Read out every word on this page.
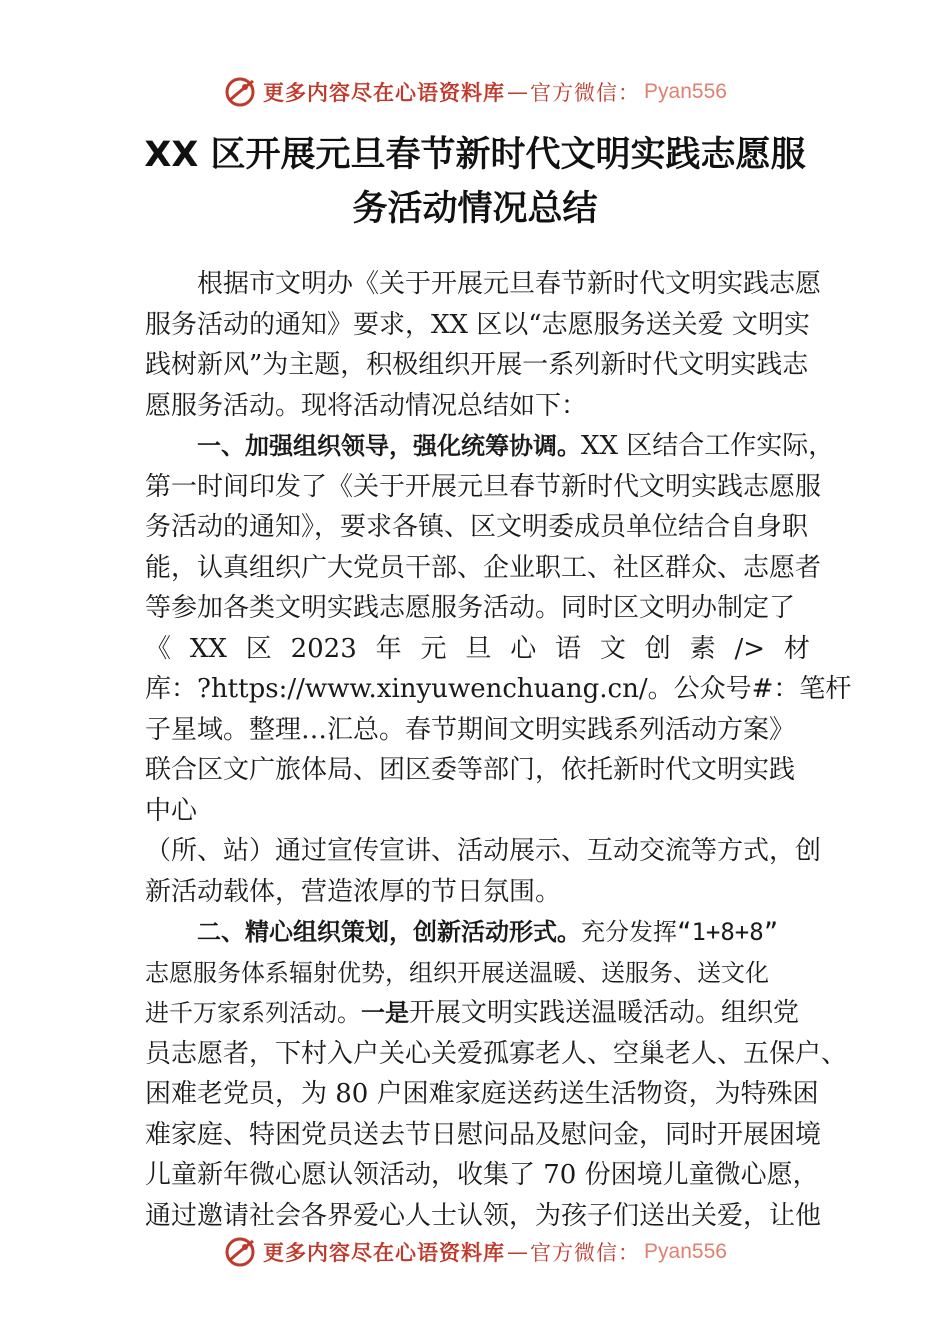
更多内容尽在心语资料库 — 官方微信： Pyan556
XX 区开展元旦春节新时代文明实践志愿服
务活动情况总结
根据市文明办《关于开展元旦春节新时代文明实践志愿
服务活动的通知》要求，XX 区以“志愿服务送关爱 文明实
践树新风”为主题，积极组织开展一系列新时代文明实践志
愿服务活动。现将活动情况总结如下：
一、加强组织领导，强化统筹协调。XX 区结合工作实际，
第一时间印发了《关于开展元旦春节新时代文明实践志愿服
务活动的通知》，要求各镇、区文明委成员单位结合自身职
能，认真组织广大党员干部、企业职工、社区群众、志愿者
等参加各类文明实践志愿服务活动。同时区文明办制定了
《 XX 区 2023 年 元 旦 心 语 文 创 素 /> 材
库：?https://www.xinyuwenchuang.cn/。公众号#：笔杆
子星域。整理…汇总。春节期间文明实践系列活动方案》
联合区文广旅体局、团区委等部门，依托新时代文明实践
中心
（所、站）通过宣传宣讲、活动展示、互动交流等方式，创
新活动载体，营造浓厚的节日氛围。
二、精心组织策划，创新活动形式。充分发挥“1+8+8”
志愿服务体系辐射优势，组织开展送温暖、送服务、送文化
进千万家系列活动。一是开展文明实践送温暖活动。组织党
员志愿者，下村入户关心关爱孤寡老人、空巢老人、五保户、
困难老党员，为 80 户困难家庭送药送生活物资，为特殊困
难家庭、特困党员送去节日慰问品及慰问金，同时开展困境
儿童新年微心愿认领活动，收集了 70 份困境儿童微心愿，
通过邀请社会各界爱心人士认领，为孩子们送出关爱，让他
更多内容尽在心语资料库 — 官方微信： Pyan556
